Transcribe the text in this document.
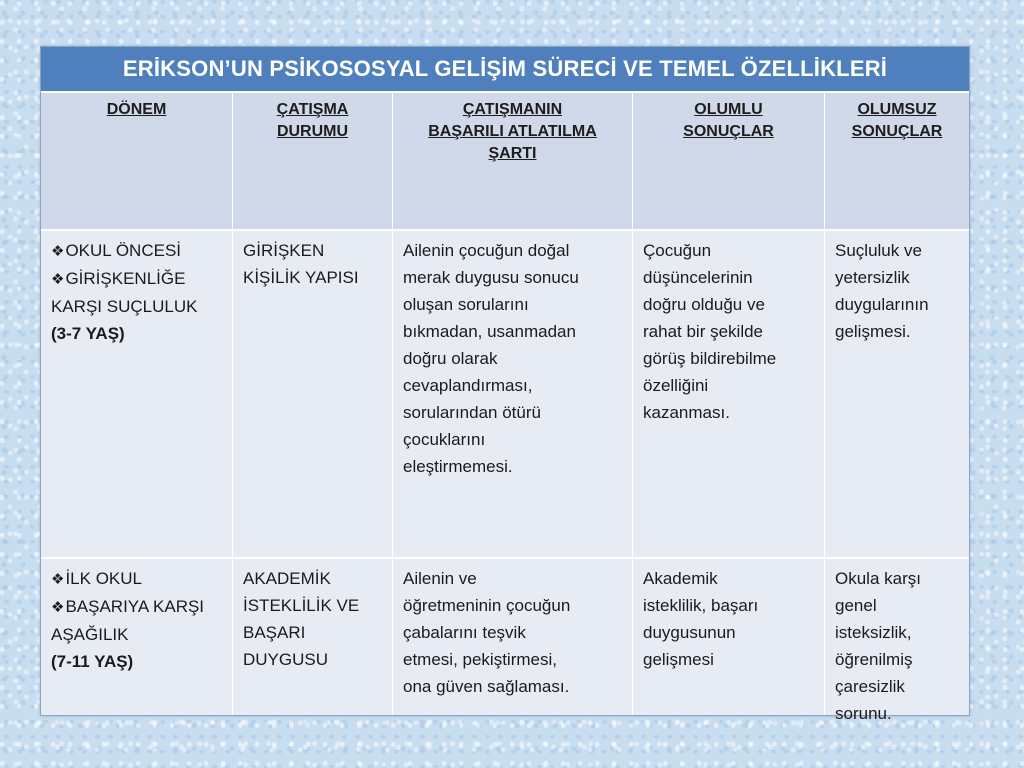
ERİKSON’UN PSİKOSOSYAL GELİŞİM SÜRECİ VE TEMEL ÖZELLİKLERİ
DÖNEM	ÇATIŞMA
DURUMU
ÇATIŞMANIN
BAŞARILI ATLATILMA
ŞARTI
OLUMLU
SONUÇLAR
OLUMSUZ
SONUÇLAR
❖OKUL ÖNCESİ
❖GİRİŞKENLİĞE KARŞI SUÇLULUK
(3-7 YAŞ)
GİRİŞKEN
KİŞİLİK YAPISI
Ailenin çocuğun doğal
merak duygusu sonucu
oluşan sorularını
bıkmadan, usanmadan
doğru olarak
cevaplandırması,
sorularından ötürü
çocuklarını
eleştirmemesi.
Çocuğun
düşüncelerinin
doğru olduğu ve
rahat bir şekilde
görüş bildirebilme
özelliğini
kazanması.
Suçluluk ve
yetersizlik
duygularının
gelişmesi.
❖İLK OKUL
❖BAŞARIYA KARŞI AŞAĞILIK
(7-11 YAŞ)
AKADEMİK
İSTEKLİLİK VE
BAŞARI
DUYGUSU
Ailenin ve
öğretmeninin çocuğun
çabalarını teşvik
etmesi, pekiştirmesi,
ona güven sağlaması.
Akademik
isteklilik, başarı
duygusunun
gelişmesi
Okula karşı
genel
isteksizlik,
öğrenilmiş
çaresizlik
sorunu.
